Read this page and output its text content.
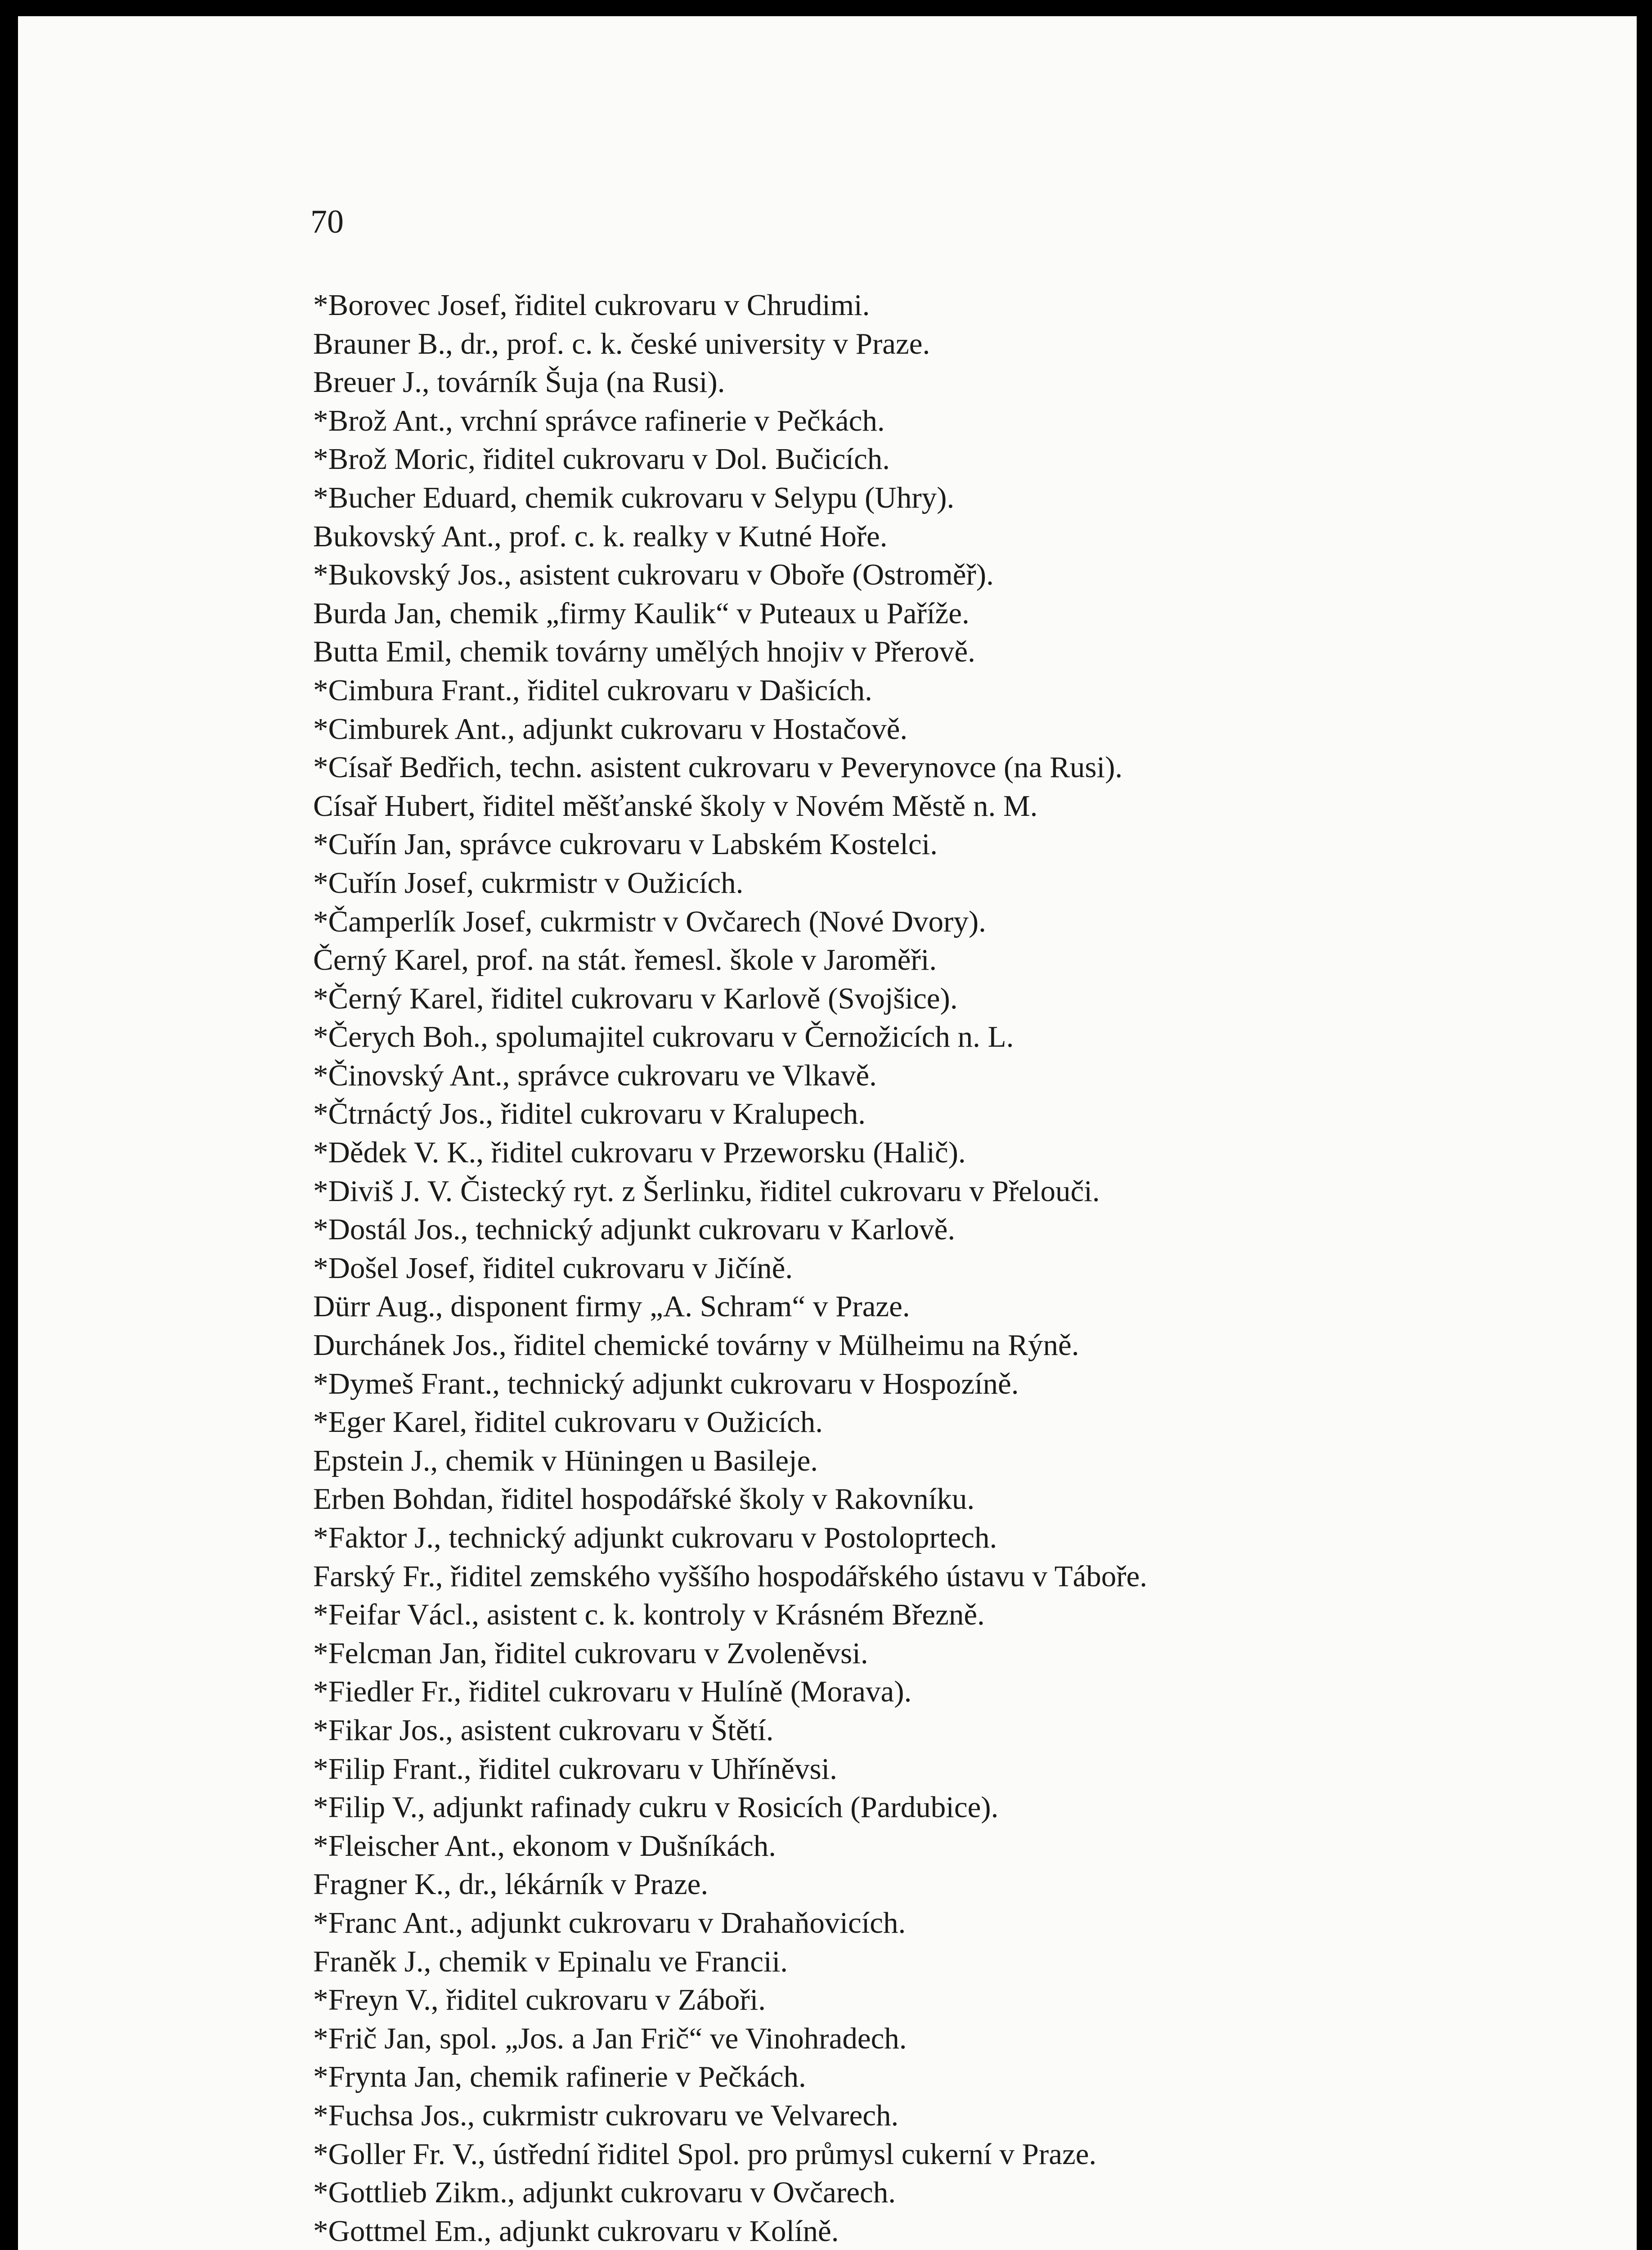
70

*Borovec Josef, řiditel cukrovaru v Chrudimi.
Brauner B., dr., prof. c. k. české university v Praze.
Breuer J., továrník Šuja (na Rusi).
*Brož Ant., vrchní správce rafinerie v Pečkách.
*Brož Moric, řiditel cukrovaru v Dol. Bučicích.
*Bucher Eduard, chemik cukrovaru v Selypu (Uhry).
Bukovský Ant., prof. c. k. realky v Kutné Hoře.
*Bukovský Jos., asistent cukrovaru v Oboře (Ostroměř).
Burda Jan, chemik „firmy Kaulik“ v Puteaux u Paříže.
Butta Emil, chemik továrny umělých hnojiv v Přerově.
*Cimbura Frant., řiditel cukrovaru v Dašicích.
*Cimburek Ant., adjunkt cukrovaru v Hostačově.
*Císař Bedřich, techn. asistent cukrovaru v Peverynovce (na Rusi).
Císař Hubert, řiditel měšťanské školy v Novém Městě n. M.
*Cuřín Jan, správce cukrovaru v Labském Kostelci.
*Cuřín Josef, cukrmistr v Oužicích.
*Čamperlík Josef, cukrmistr v Ovčarech (Nové Dvory).
Černý Karel, prof. na stát. řemesl. škole v Jaroměři.
*Černý Karel, řiditel cukrovaru v Karlově (Svojšice).
*Čerych Boh., spolumajitel cukrovaru v Černožicích n. L.
*Činovský Ant., správce cukrovaru ve Vlkavě.
*Čtrnáctý Jos., řiditel cukrovaru v Kralupech.
*Dědek V. K., řiditel cukrovaru v Przeworsku (Halič).
*Diviš J. V. Čistecký ryt. z Šerlinku, řiditel cukrovaru v Přelouči.
*Dostál Jos., technický adjunkt cukrovaru v Karlově.
*Došel Josef, řiditel cukrovaru v Jičíně.
Dürr Aug., disponent firmy „A. Schram“ v Praze.
Durchánek Jos., řiditel chemické továrny v Mülheimu na Rýně.
*Dymeš Frant., technický adjunkt cukrovaru v Hospozíně.
*Eger Karel, řiditel cukrovaru v Oužicích.
Epstein J., chemik v Hüningen u Basileje.
Erben Bohdan, řiditel hospodářské školy v Rakovníku.
*Faktor J., technický adjunkt cukrovaru v Postoloprtech.
Farský Fr., řiditel zemského vyššího hospodářského ústavu v Táboře.
*Feifar Václ., asistent c. k. kontroly v Krásném Březně.
*Felcman Jan, řiditel cukrovaru v Zvoleněvsi.
*Fiedler Fr., řiditel cukrovaru v Hulíně (Morava).
*Fikar Jos., asistent cukrovaru v Štětí.
*Filip Frant., řiditel cukrovaru v Uhříněvsi.
*Filip V., adjunkt rafinady cukru v Rosicích (Pardubice).
*Fleischer Ant., ekonom v Dušníkách.
Fragner K., dr., lékárník v Praze.
*Franc Ant., adjunkt cukrovaru v Drahaňovicích.
Franěk J., chemik v Epinalu ve Francii.
*Freyn V., řiditel cukrovaru v Záboři.
*Frič Jan, spol. „Jos. a Jan Frič“ ve Vinohradech.
*Frynta Jan, chemik rafinerie v Pečkách.
*Fuchsa Jos., cukrmistr cukrovaru ve Velvarech.
*Goller Fr. V., ústřední řiditel Spol. pro průmysl cukerní v Praze.
*Gottlieb Zikm., adjunkt cukrovaru v Ovčarech.
*Gottmel Em., adjunkt cukrovaru v Kolíně.
